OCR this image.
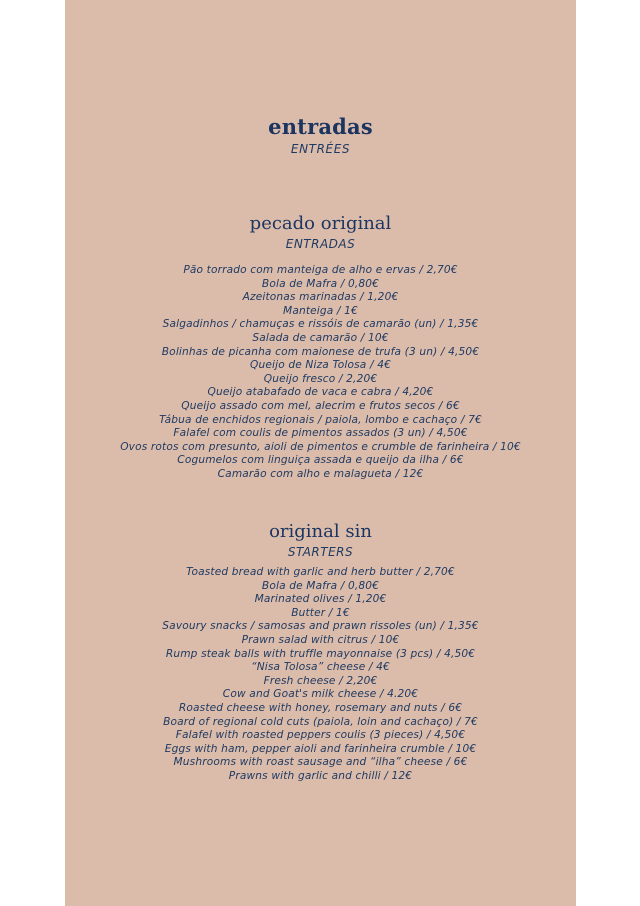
entradas
ENTRÉES
pecado original
ENTRADAS
Pão torrado com manteiga de alho e ervas / 2,70€
Bola de Mafra / 0,80€
Azeitonas marinadas / 1,20€
Manteiga / 1€
Salgadinhos / chamuças e rissóis de camarão (un) / 1,35€
Salada de camarão / 10€
Bolinhas de picanha com maionese de trufa (3 un) / 4,50€
Queijo de Niza Tolosa / 4€
Queijo fresco / 2,20€
Queijo atabafado de vaca e cabra / 4,20€
Queijo assado com mel, alecrim e frutos secos / 6€
Tábua de enchidos regionais / paiola, lombo e cachaço / 7€
Falafel com coulis de pimentos assados (3 un) / 4,50€
Ovos rotos com presunto, aioli de pimentos e crumble de farinheira / 10€
Cogumelos com linguiça assada e queijo da ilha / 6€
Camarão com alho e malagueta / 12€
original sin
STARTERS
Toasted bread with garlic and herb butter / 2,70€
Bola de Mafra / 0,80€
Marinated olives / 1,20€
Butter / 1€
Savoury snacks / samosas and prawn rissoles (un) / 1,35€
Prawn salad with citrus / 10€
Rump steak balls with truffle mayonnaise (3 pcs) / 4,50€
“Nisa Tolosa” cheese / 4€
Fresh cheese / 2,20€
Cow and Goat's milk cheese / 4.20€
Roasted cheese with honey, rosemary and nuts / 6€
Board of regional cold cuts (paiola, loin and cachaço) / 7€
Falafel with roasted peppers coulis (3 pieces) / 4,50€
Eggs with ham, pepper aioli and farinheira crumble / 10€
Mushrooms with roast sausage and “ilha” cheese / 6€
Prawns with garlic and chilli / 12€
